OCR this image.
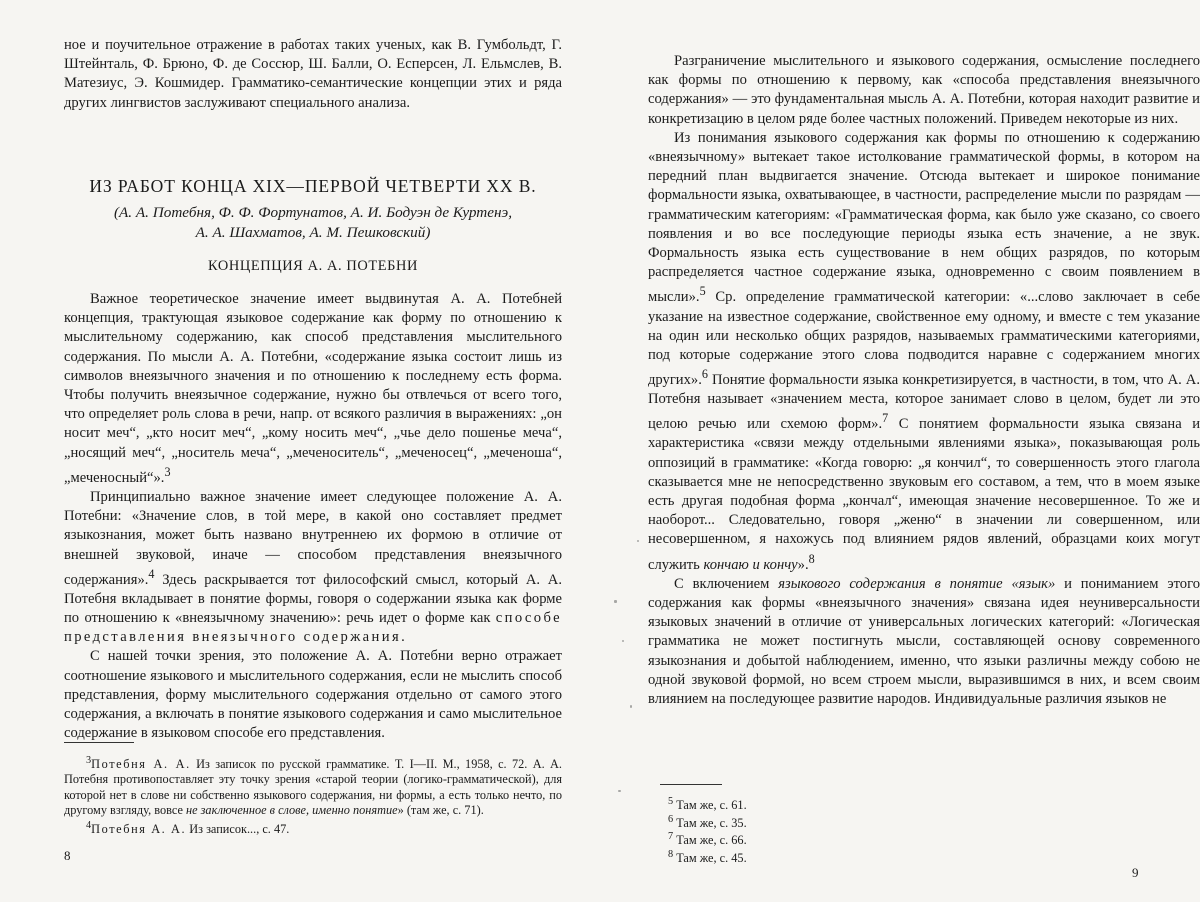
ное и поучительное отражение в работах таких ученых, как В. Гумбольдт, Г. Штейнталь, Ф. Брюно, Ф. де Соссюр, Ш. Балли, О. Есперсен, Л. Ельмслев, В. Матезиус, Э. Кошмидер. Грамматико-семантические концепции этих и ряда других лингвистов заслуживают специального анализа.

ИЗ РАБОТ КОНЦА XIX—ПЕРВОЙ ЧЕТВЕРТИ XX В.
(А. А. Потебня, Ф. Ф. Фортунатов, А. И. Бодуэн де Куртенэ,
А. А. Шахматов, А. М. Пешковский)
КОНЦЕПЦИЯ А. А. ПОТЕБНИ

Важное теоретическое значение имеет выдвинутая А. А. Потебней концепция, трактующая языковое содержание как форму по отношению к мыслительному содержанию, как способ представления мыслительного содержания. По мысли А. А. Потебни, «содержание языка состоит лишь из символов внеязычного значения и по отношению к последнему есть форма. Чтобы получить внеязычное содержание, нужно бы отвлечься от всего того, что определяет роль слова в речи, напр. от всякого различия в выражениях: „он носит меч“, „кто носит меч“, „кому носить меч“, „чье дело пошенье меча“, „носящий меч“, „носитель меча“, „меченоситель“, „меченосец“, „меченоша“, „меченосный“».$^3$

Принципиально важное значение имеет следующее положение А. А. Потебни: «Значение слов, в той мере, в какой оно составляет предмет языкознания, может быть названо внутреннею их формою в отличие от внешней звуковой, иначе — способом представления внеязычного содержания».$^4$ Здесь раскрывается тот философский смысл, который А. А. Потебня вкладывает в понятие формы, говоря о содержании языка как форме по отношению к «внеязычному значению»: речь идет о форме как способе представления внеязычного содержания.

С нашей точки зрения, это положение А. А. Потебни верно отражает соотношение языкового и мыслительного содержания, если не мыслить способ представления, форму мыслительного содержания отдельно от самого этого содержания, а включать в понятие языкового содержания и само мыслительное содержание в языковом способе его представления.

$^3$Потебня А. А. Из записок по русской грамматике. Т. I—II. М., 1958, с. 72. А. А. Потебня противопоставляет эту точку зрения «старой теории (логико-грамматической), для которой нет в слове ни собственно языкового содержания, ни формы, а есть только нечто, по другому взгляду, вовсе не заключенное в слове, именно понятие» (там же, с. 71).

$^4$Потебня А. А. Из записок..., с. 47.

8

Разграничение мыслительного и языкового содержания, осмысление последнего как формы по отношению к первому, как «способа представления внеязычного содержания» — это фундаментальная мысль А. А. Потебни, которая находит развитие и конкретизацию в целом ряде более частных положений. Приведем некоторые из них.

Из понимания языкового содержания как формы по отношению к содержанию «внеязычному» вытекает такое истолкование грамматической формы, в котором на передний план выдвигается значение. Отсюда вытекает и широкое понимание формальности языка, охватывающее, в частности, распределение мысли по разрядам — грамматическим категориям: «Грамматическая форма, как было уже сказано, со своего появления и во все последующие периоды языка есть значение, а не звук. Формальность языка есть существование в нем общих разрядов, по которым распределяется частное содержание языка, одновременно с своим появлением в мысли».$^5$ Ср. определение грамматической категории: «...слово заключает в себе указание на известное содержание, свойственное ему одному, и вместе с тем указание на один или несколько общих разрядов, называемых грамматическими категориями, под которые содержание этого слова подводится наравне с содержанием многих других».$^6$ Понятие формальности языка конкретизируется, в частности, в том, что А. А. Потебня называет «значением места, которое занимает слово в целом, будет ли это целою речью или схемою форм».$^7$ С понятием формальности языка связана и характеристика «связи между отдельными явлениями языка», показывающая роль оппозиций в грамматике: «Когда говорю: „я кончил“, то совершенность этого глагола сказывается мне не непосредственно звуковым его составом, а тем, что в моем языке есть другая подобная форма „кончал“, имеющая значение несовершенное. То же и наоборот... Следовательно, говоря „женю“ в значении ли совершенном, или несовершенном, я нахожусь под влиянием рядов явлений, образцами коих могут служить кончаю и кончу».$^8$

С включением языкового содержания в понятие «язык» и пониманием этого содержания как формы «внеязычного значения» связана идея неуниверсальности языковых значений в отличие от универсальных логических категорий: «Логическая грамматика не может постигнуть мысли, составляющей основу современного языкознания и добытой наблюдением, именно, что языки различны между собою не одной звуковой формой, но всем строем мысли, выразившимся в них, и всем своим влиянием на последующее развитие народов. Индивидуальные различия языков не

$^5$ Там же, с. 61.
$^6$ Там же, с. 35.
$^7$ Там же, с. 66.
$^8$ Там же, с. 45.
9
